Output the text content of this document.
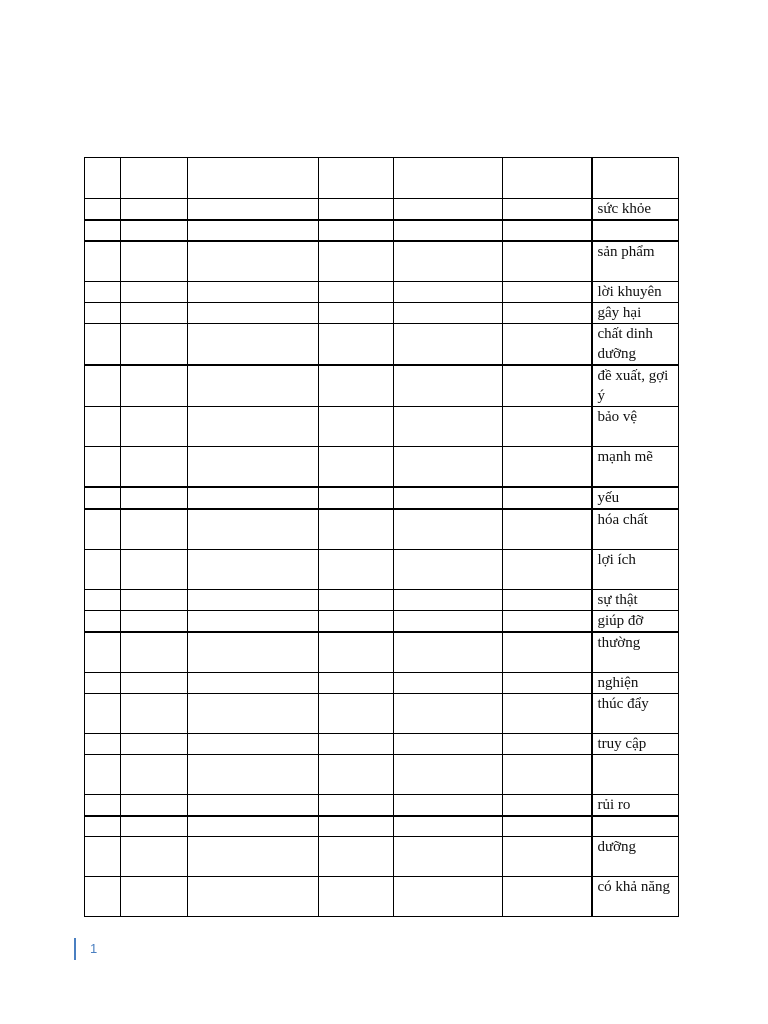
						sức khỏe

						sản phẩm
						lời khuyên
						gây hại
						chất dinh dưỡng
						đề xuất, gợi ý
						bảo vệ
						mạnh mẽ
						yếu
						hóa chất
						lợi ích
						sự thật
						giúp đỡ
						thường
						nghiện
						thúc đẩy
						truy cập

						rủi ro

						dưỡng
						có khả năng
1
